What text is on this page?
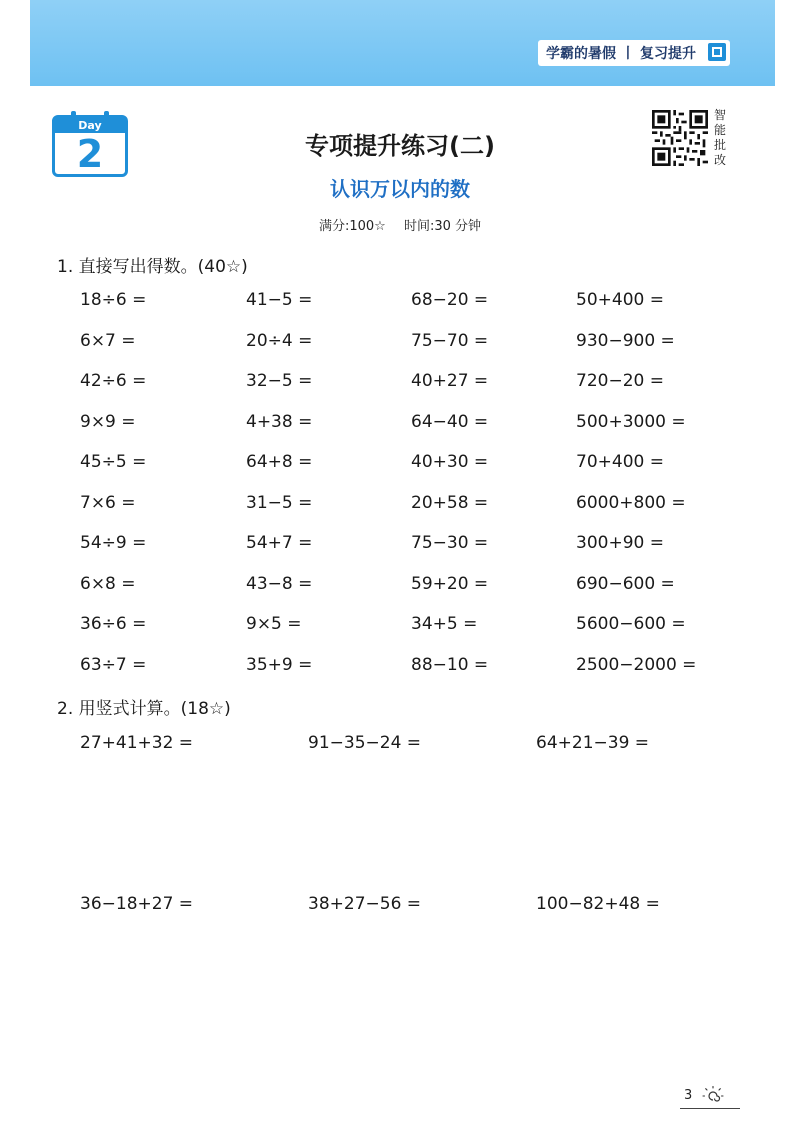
学霸的暑假 丨 复习提升
Day
2	专项提升练习(二)
认识万以内的数
满分:100☆ 时间:30 分钟
智
能
批
改
1. 直接写出得数。(40☆)
18÷6 =	41−5 =	68−20 =	50+400 =
6×7 =	20÷4 =	75−70 =	930−900 =
42÷6 =	32−5 =	40+27 =	720−20 =
9×9 =	4+38 =	64−40 =	500+3000 =
45÷5 =	64+8 =	40+30 =	70+400 =
7×6 =	31−5 =	20+58 =	6000+800 =
54÷9 =	54+7 =	75−30 =	300+90 =
6×8 =	43−8 =	59+20 =	690−600 =
36÷6 =	9×5 =	34+5 =	5600−600 =
63÷7 =	35+9 =	88−10 =	2500−2000 =
2. 用竖式计算。(18☆)
27+41+32 =	91−35−24 =	64+21−39 =
36−18+27 =	38+27−56 =	100−82+48 =
3
